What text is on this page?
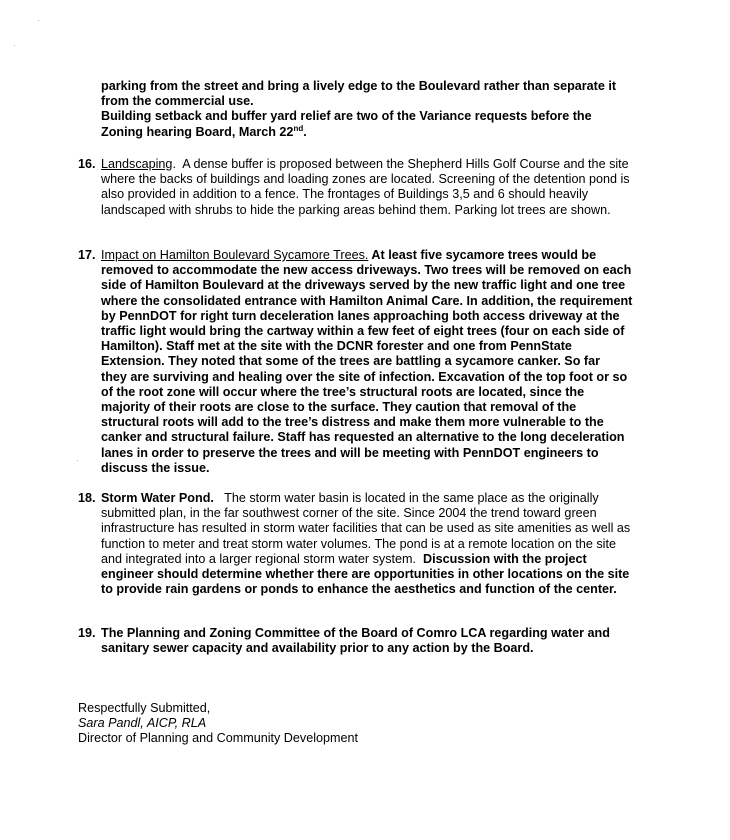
parking from the street and bring a lively edge to the Boulevard rather than separate it
from the commercial use.
Building setback and buffer yard relief are two of the Variance requests before the
Zoning hearing Board, March 22nd.
16. Landscaping.  A dense buffer is proposed between the Shepherd Hills Golf Course and the site
where the backs of buildings and loading zones are located. Screening of the detention pond is
also provided in addition to a fence. The frontages of Buildings 3,5 and 6 should heavily
landscaped with shrubs to hide the parking areas behind them. Parking lot trees are shown.
17. Impact on Hamilton Boulevard Sycamore Trees. At least five sycamore trees would be
removed to accommodate the new access driveways. Two trees will be removed on each
side of Hamilton Boulevard at the driveways served by the new traffic light and one tree
where the consolidated entrance with Hamilton Animal Care. In addition, the requirement
by PennDOT for right turn deceleration lanes approaching both access driveway at the
traffic light would bring the cartway within a few feet of eight trees (four on each side of
Hamilton). Staff met at the site with the DCNR forester and one from PennState
Extension. They noted that some of the trees are battling a sycamore canker. So far
they are surviving and healing over the site of infection. Excavation of the top foot or so
of the root zone will occur where the tree’s structural roots are located, since the
majority of their roots are close to the surface. They caution that removal of the
structural roots will add to the tree’s distress and make them more vulnerable to the
canker and structural failure. Staff has requested an alternative to the long deceleration
lanes in order to preserve the trees and will be meeting with PennDOT engineers to
discuss the issue.
18. Storm Water Pond.   The storm water basin is located in the same place as the originally
submitted plan, in the far southwest corner of the site. Since 2004 the trend toward green
infrastructure has resulted in storm water facilities that can be used as site amenities as well as
function to meter and treat storm water volumes. The pond is at a remote location on the site
and integrated into a larger regional storm water system.  Discussion with the project
engineer should determine whether there are opportunities in other locations on the site
to provide rain gardens or ponds to enhance the aesthetics and function of the center.
19. The Planning and Zoning Committee of the Board of Comro LCA regarding water and
sanitary sewer capacity and availability prior to any action by the Board.
Respectfully Submitted,
Sara Pandl, AICP, RLA
Director of Planning and Community Development
